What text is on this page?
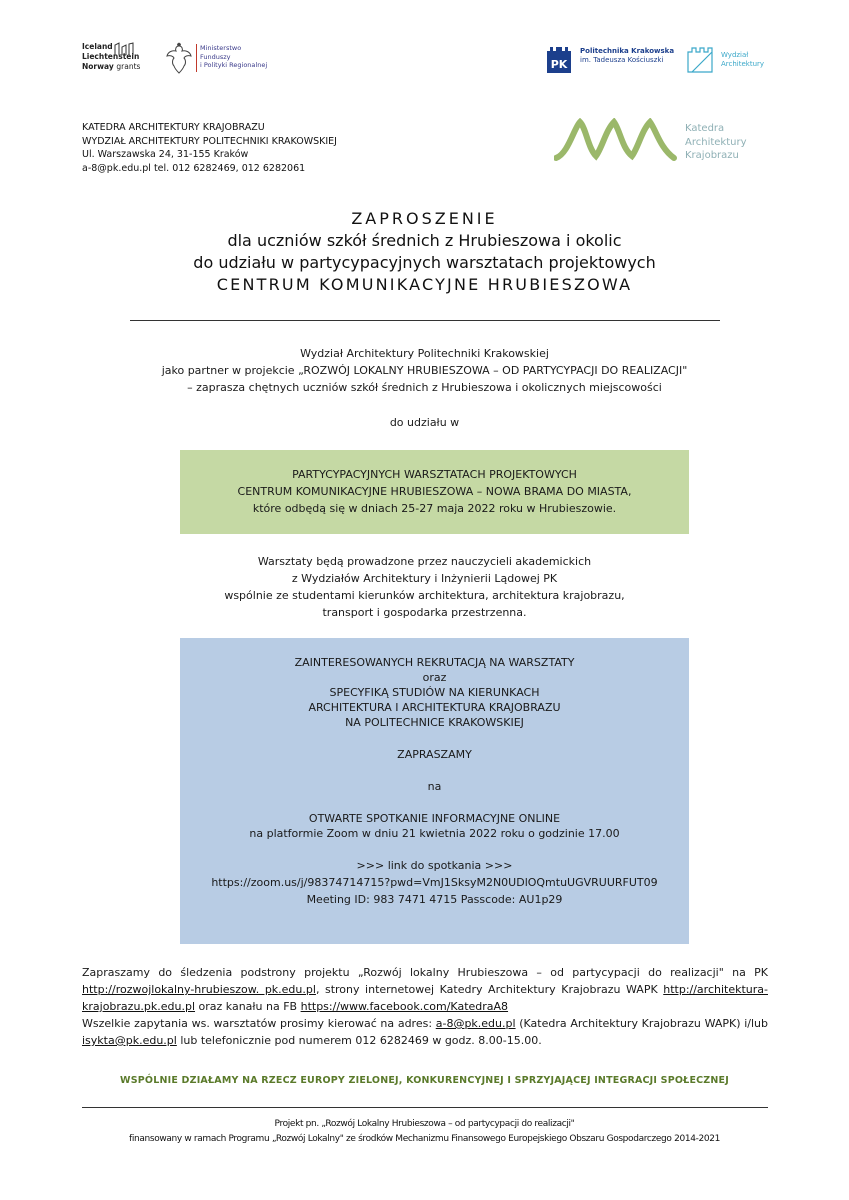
Iceland
Liechtenstein
Norway grants
Ministerstwo
Funduszy
i Polityki Regionalnej	PK
Politechnika Krakowska
im. Tadeusza Kościuszki
Wydział
Architektury
KATEDRA ARCHITEKTURY KRAJOBRAZU
WYDZIAŁ ARCHITEKTURY POLITECHNIKI KRAKOWSKIEJ
Ul. Warszawska 24, 31-155 Kraków
a-8@pk.edu.pl tel. 012 6282469, 012 6282061
Katedra
Architektury
Krajobrazu
ZAPROSZENIE
dla uczniów szkół średnich z Hrubieszowa i okolic
do udziału w partycypacyjnych warsztatach projektowych
CENTRUM KOMUNIKACYJNE HRUBIESZOWA
Wydział Architektury Politechniki Krakowskiej
jako partner w projekcie „ROZWÓJ LOKALNY HRUBIESZOWA – OD PARTYCYPACJI DO REALIZACJI"
– zaprasza chętnych uczniów szkół średnich z Hrubieszowa i okolicznych miejscowości
do udziału w
PARTYCYPACYJNYCH WARSZTATACH PROJEKTOWYCH
CENTRUM KOMUNIKACYJNE HRUBIESZOWA – NOWA BRAMA DO MIASTA,
które odbędą się w dniach 25-27 maja 2022 roku w Hrubieszowie.
Warsztaty będą prowadzone przez nauczycieli akademickich
z Wydziałów Architektury i Inżynierii Lądowej PK
wspólnie ze studentami kierunków architektura, architektura krajobrazu,
transport i gospodarka przestrzenna.

ZAINTERESOWANYCH REKRUTACJĄ NA WARSZTATY

oraz

SPECYFIKĄ STUDIÓW NA KIERUNKACH

ARCHITEKTURA I ARCHITEKTURA KRAJOBRAZU

NA POLITECHNICE KRAKOWSKIEJ

ZAPRASZAMY

na

OTWARTE SPOTKANIE INFORMACYJNE ONLINE

na platformie Zoom w dniu 21 kwietnia 2022 roku o godzinie 17.00

>>> link do spotkania >>>

https://zoom.us/j/98374714715?pwd=VmJ1SksyM2N0UDlOQmtuUGVRUURFUT09

Meeting ID: 983 7471 4715 Passcode: AU1p29

Zapraszamy do śledzenia podstrony projektu „Rozwój lokalny Hrubieszowa – od partycypacji do realizacji" na PK http://rozwojlokalny-hrubieszow. pk.edu.pl, strony internetowej Katedry Architektury Krajobrazu WAPK http://architektura-krajobrazu.pk.edu.pl oraz kanału na FB https://www.facebook.com/KatedraA8
Wszelkie zapytania ws. warsztatów prosimy kierować na adres: a-8@pk.edu.pl (Katedra Architektury Krajobrazu WAPK) i/lub isykta@pk.edu.pl lub telefonicznie pod numerem 012 6282469 w godz. 8.00-15.00.
WSPÓLNIE DZIAŁAMY NA RZECZ EUROPY ZIELONEJ, KONKURENCYJNEJ I SPRZYJAJĄCEJ INTEGRACJI SPOŁECZNEJ
Projekt pn. „Rozwój Lokalny Hrubieszowa – od partycypacji do realizacji"
finansowany w ramach Programu „Rozwój Lokalny" ze środków Mechanizmu Finansowego Europejskiego Obszaru Gospodarczego 2014-2021
